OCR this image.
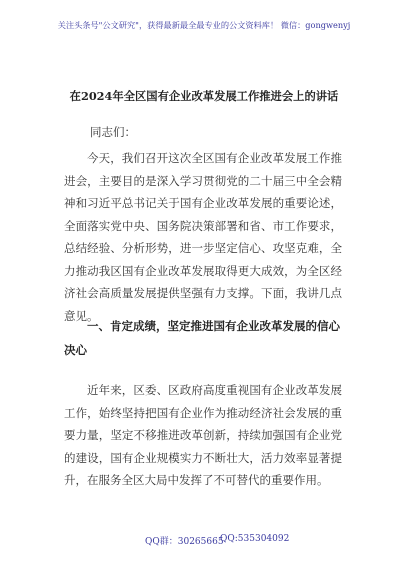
关注头条号"公文研究"，获得最新最全最专业的公文资料库！ 微信：gongwenyj
在2024年全区国有企业改革发展工作推进会上的讲话
同志们：

今天，我们召开这次全区国有企业改革发展工作推进会，主要目的是深入学习贯彻党的二十届三中全会精神和习近平总书记关于国有企业改革发展的重要论述，全面落实党中央、国务院决策部署和省、市工作要求，总结经验、分析形势，进一步坚定信心、攻坚克难，全力推动我区国有企业改革发展取得更大成效，为全区经济社会高质量发展提供坚强有力支撑。下面，我讲几点意见。

一、肯定成绩，坚定推进国有企业改革发展的信心决心

近年来，区委、区政府高度重视国有企业改革发展工作，始终坚持把国有企业作为推动经济社会发展的重要力量，坚定不移推进改革创新，持续加强国有企业党的建设，国有企业规模实力不断壮大，活力效率显著提升，在服务全区大局中发挥了不可替代的重要作用。

QQ群：30265665
QQ:535304092
